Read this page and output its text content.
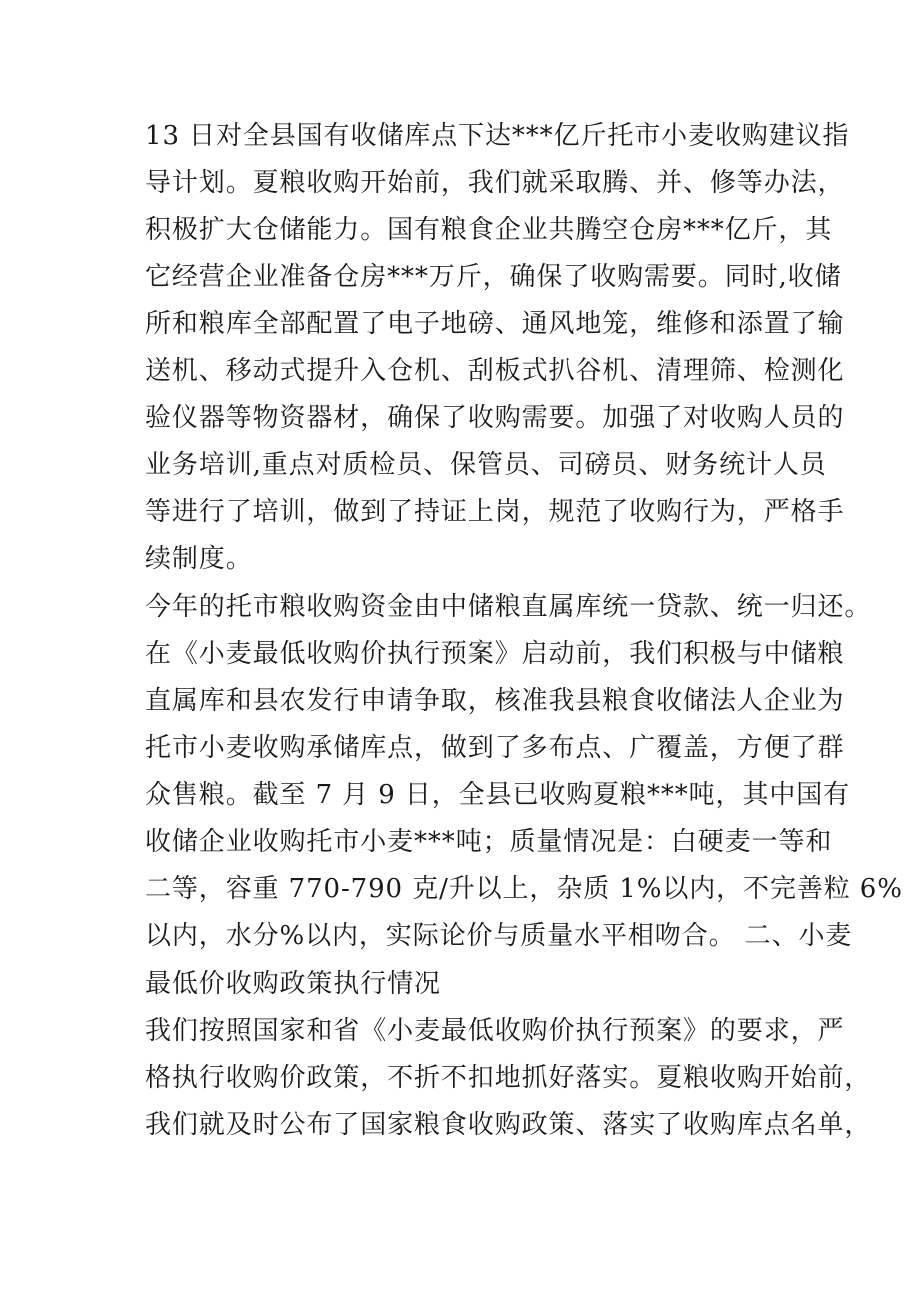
13 日对全县国有收储库点下达***亿斤托市小麦收购建议指
导计划。夏粮收购开始前，我们就采取腾、并、修等办法，
积极扩大仓储能力。国有粮食企业共腾空仓房***亿斤，其
它经营企业准备仓房***万斤，确保了收购需要。同时,收储
所和粮库全部配置了电子地磅、通风地笼，维修和添置了输
送机、移动式提升入仓机、刮板式扒谷机、清理筛、检测化
验仪器等物资器材，确保了收购需要。加强了对收购人员的
业务培训,重点对质检员、保管员、司磅员、财务统计人员
等进行了培训，做到了持证上岗，规范了收购行为，严格手
续制度。
今年的托市粮收购资金由中储粮直属库统一贷款、统一归还。
在《小麦最低收购价执行预案》启动前，我们积极与中储粮
直属库和县农发行申请争取，核准我县粮食收储法人企业为
托市小麦收购承储库点，做到了多布点、广覆盖，方便了群
众售粮。截至 7 月 9 日，全县已收购夏粮***吨，其中国有
收储企业收购托市小麦***吨；质量情况是：白硬麦一等和
二等，容重 770-790 克/升以上，杂质 1%以内，不完善粒 6%
以内，水分%以内，实际论价与质量水平相吻合。 二、小麦
最低价收购政策执行情况
我们按照国家和省《小麦最低收购价执行预案》的要求，严
格执行收购价政策，不折不扣地抓好落实。夏粮收购开始前，
我们就及时公布了国家粮食收购政策、落实了收购库点名单，
